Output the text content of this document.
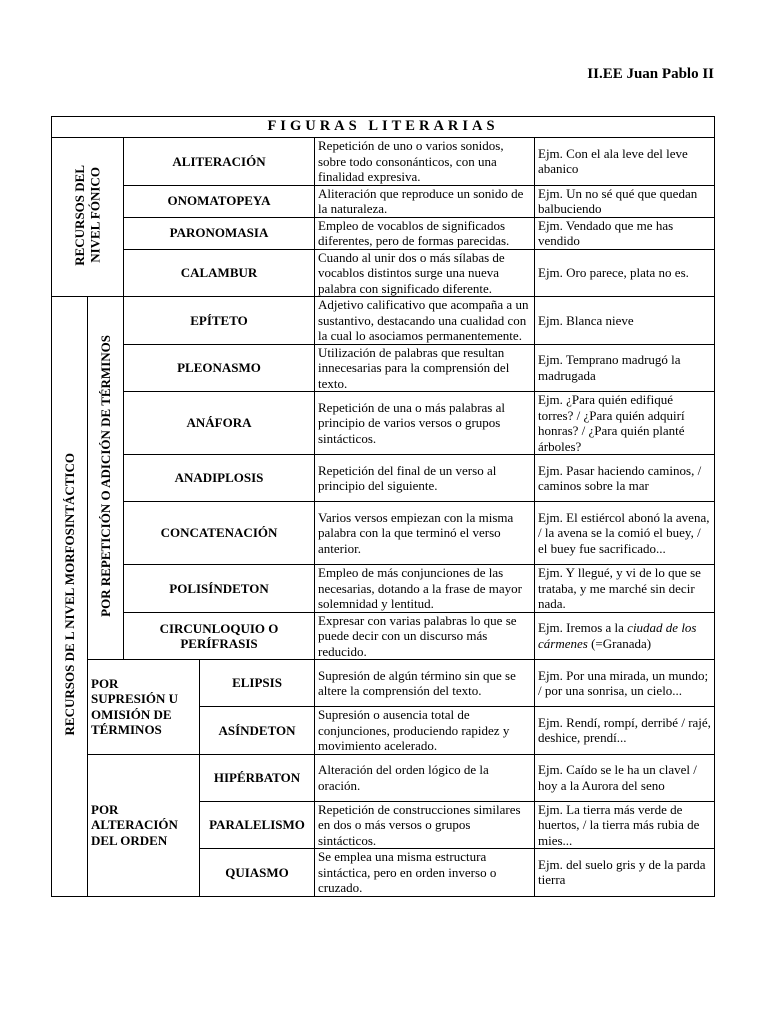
II.EE Juan Pablo II
FIGURAS LITERARIAS					
RECURSOS DEL
NIVEL FÓNICO		ALITERACIÓN		Repetición de uno o varios sonidos, sobre todo consonánticos, con una finalidad expresiva.	Ejm. Con el ala leve del leve abanico
		ONOMATOPEYA		Aliteración que reproduce un sonido de la naturaleza.	Ejm. Un no sé qué que quedan balbuciendo
		PARONOMASIA		Empleo de vocablos de significados diferentes, pero de formas parecidas.	Ejm. Vendado que me has vendido
		CALAMBUR		Cuando al unir dos o más sílabas de vocablos distintos surge una nueva palabra con significado diferente.	Ejm. Oro parece, plata no es.
RECURSOS DE L NIVEL MORFOSINTÁCTICO	POR REPETICIÓN O ADICIÓN DE TÉRMINOS	EPÍTETO		Adjetivo calificativo que acompaña a un sustantivo, destacando una cualidad con la cual lo asociamos permanentemente.	Ejm. Blanca nieve
		PLEONASMO		Utilización de palabras que resultan innecesarias para la comprensión del texto.	Ejm. Temprano madrugó la madrugada
		ANÁFORA		Repetición de una o más palabras al principio de varios versos o grupos sintácticos.	Ejm. ¿Para quién edifiqué torres? / ¿Para quién adquirí honras? / ¿Para quién planté árboles?
		ANADIPLOSIS		Repetición del final de un verso al principio del siguiente.	Ejm. Pasar haciendo caminos, / caminos sobre la mar
		CONCATENACIÓN		Varios versos empiezan con la misma palabra con la que terminó el verso anterior.	Ejm. El estiércol abonó la avena, / la avena se la comió el buey, / el buey fue sacrificado...
		POLISÍNDETON		Empleo de más conjunciones de las necesarias, dotando a la frase de mayor solemnidad y lentitud.	Ejm. Y llegué, y vi de lo que se trataba, y me marché sin decir nada.
		CIRCUNLOQUIO O PERÍFRASIS		Expresar con varias palabras lo que se puede decir con un discurso más reducido.	Ejm. Iremos a la ciudad de los cármenes (=Granada)
	POR SUPRESIÓN U OMISIÓN DE TÉRMINOS		ELIPSIS	Supresión de algún término sin que se altere la comprensión del texto.	Ejm. Por una mirada, un mundo; / por una sonrisa, un cielo...
			ASÍNDETON	Supresión o ausencia total de conjunciones, produciendo rapidez y movimiento acelerado.	Ejm. Rendí, rompí, derribé / rajé, deshice, prendí...
	POR ALTERACIÓN DEL ORDEN		HIPÉRBATON	Alteración del orden lógico de la oración.	Ejm. Caído se le ha un clavel / hoy a la Aurora del seno
			PARALELISMO	Repetición de construcciones similares en dos o más versos o grupos sintácticos.	Ejm. La tierra más verde de huertos, / la tierra más rubia de mies...
			QUIASMO	Se emplea una misma estructura sintáctica, pero en orden inverso o cruzado.	Ejm. del suelo gris y de la parda tierra
